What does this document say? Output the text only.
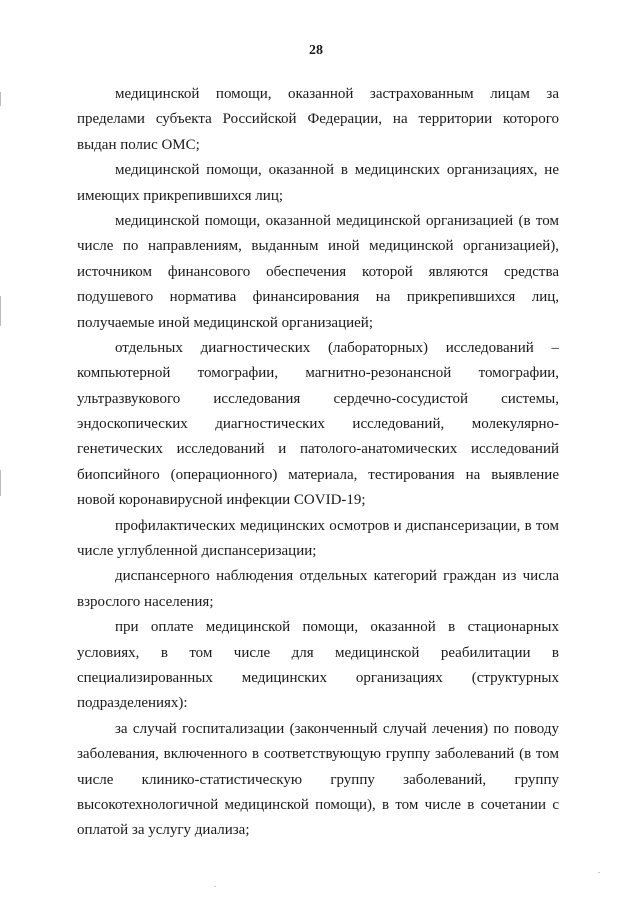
28
медицинской помощи, оказанной застрахованным лицам за
пределами субъекта Российской Федерации, на территории которого
выдан полис ОМС;
медицинской помощи, оказанной в медицинских организациях, не
имеющих прикрепившихся лиц;
медицинской помощи, оказанной медицинской организацией (в том
числе по направлениям, выданным иной медицинской организацией),
источником финансового обеспечения которой являются средства
подушевого норматива финансирования на прикрепившихся лиц,
получаемые иной медицинской организацией;
отдельных диагностических (лабораторных) исследований –
компьютерной томографии, магнитно-резонансной томографии,
ультразвукового исследования сердечно-сосудистой системы,
эндоскопических диагностических исследований, молекулярно-
генетических исследований и патолого-анатомических исследований
биопсийного (операционного) материала, тестирования на выявление
новой коронавирусной инфекции COVID-19;
профилактических медицинских осмотров и диспансеризации, в том
числе углубленной диспансеризации;
диспансерного наблюдения отдельных категорий граждан из числа
взрослого населения;
при оплате медицинской помощи, оказанной в стационарных
условиях, в том числе для медицинской реабилитации в
специализированных медицинских организациях (структурных
подразделениях):
за случай госпитализации (законченный случай лечения) по поводу
заболевания, включенного в соответствующую группу заболеваний (в том
числе клинико-статистическую группу заболеваний, группу
высокотехнологичной медицинской помощи), в том числе в сочетании с
оплатой за услугу диализа;
